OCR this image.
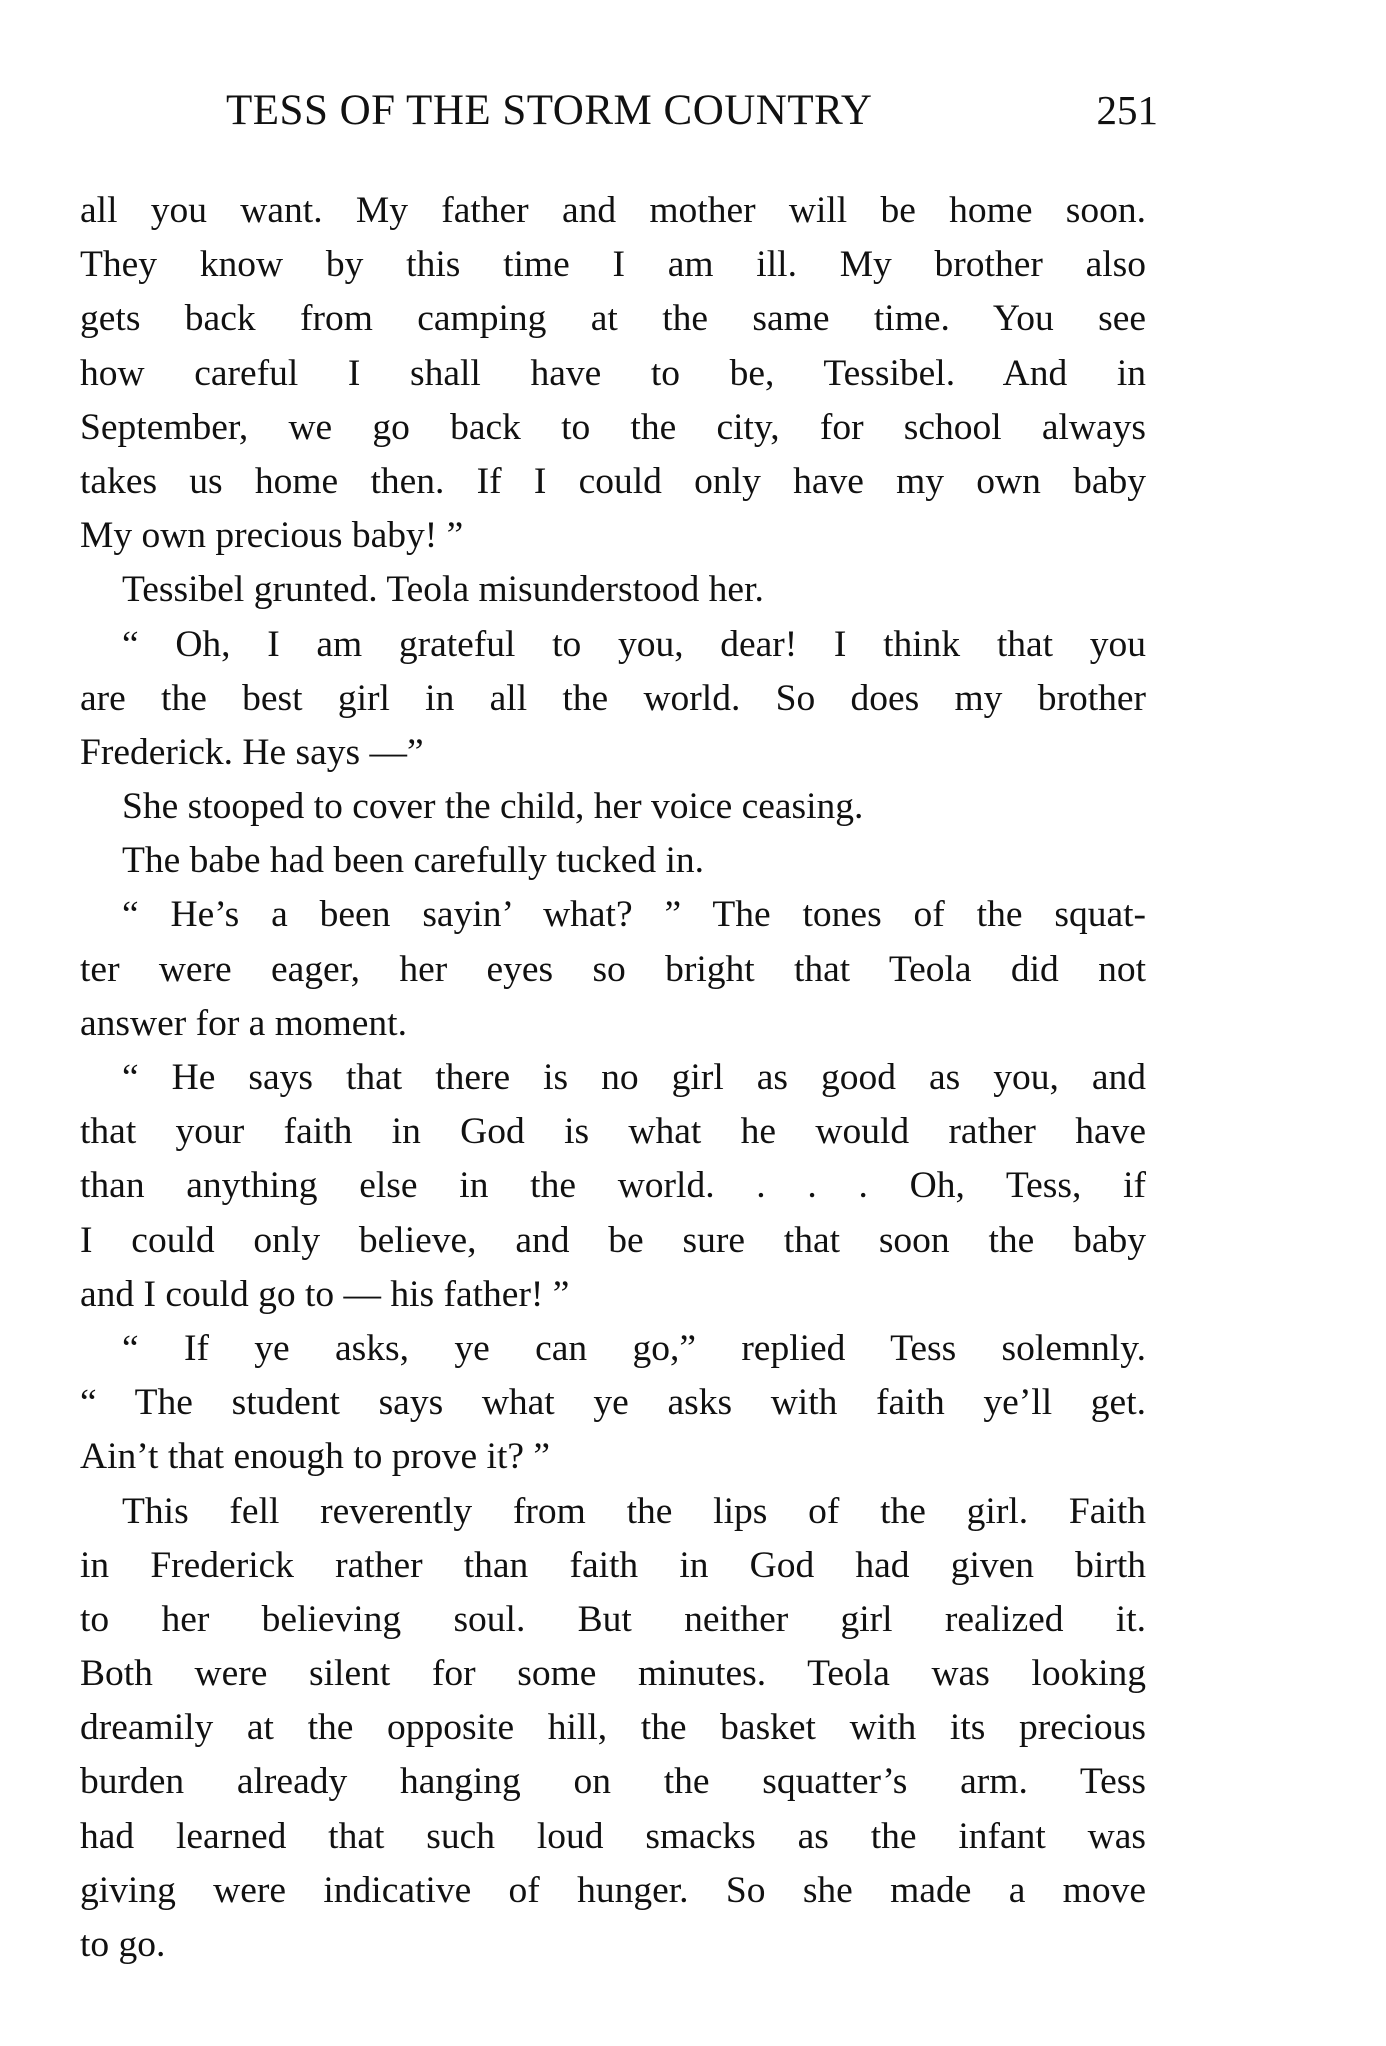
TESS OF THE STORM COUNTRY	251
all you want. My father and mother will be home soon.
They know by this time I am ill. My brother also
gets back from camping at the same time. You see
how careful I shall have to be, Tessibel. And in
September, we go back to the city, for school always
takes us home then. If I could only have my own baby
My own precious baby! ”
Tessibel grunted. Teola misunderstood her.
“ Oh, I am grateful to you, dear! I think that you
are the best girl in all the world. So does my brother
Frederick. He says —”
She stooped to cover the child, her voice ceasing.
The babe had been carefully tucked in.
“ He’s a been sayin’ what? ” The tones of the squat-
ter were eager, her eyes so bright that Teola did not
answer for a moment.
“ He says that there is no girl as good as you, and
that your faith in God is what he would rather have
than anything else in the world. . . . Oh, Tess, if
I could only believe, and be sure that soon the baby
and I could go to — his father! ”
“ If ye asks, ye can go,” replied Tess solemnly.
“ The student says what ye asks with faith ye’ll get.
Ain’t that enough to prove it? ”
This fell reverently from the lips of the girl. Faith
in Frederick rather than faith in God had given birth
to her believing soul. But neither girl realized it.
Both were silent for some minutes. Teola was looking
dreamily at the opposite hill, the basket with its precious
burden already hanging on the squatter’s arm. Tess
had learned that such loud smacks as the infant was
giving were indicative of hunger. So she made a move
to go.
